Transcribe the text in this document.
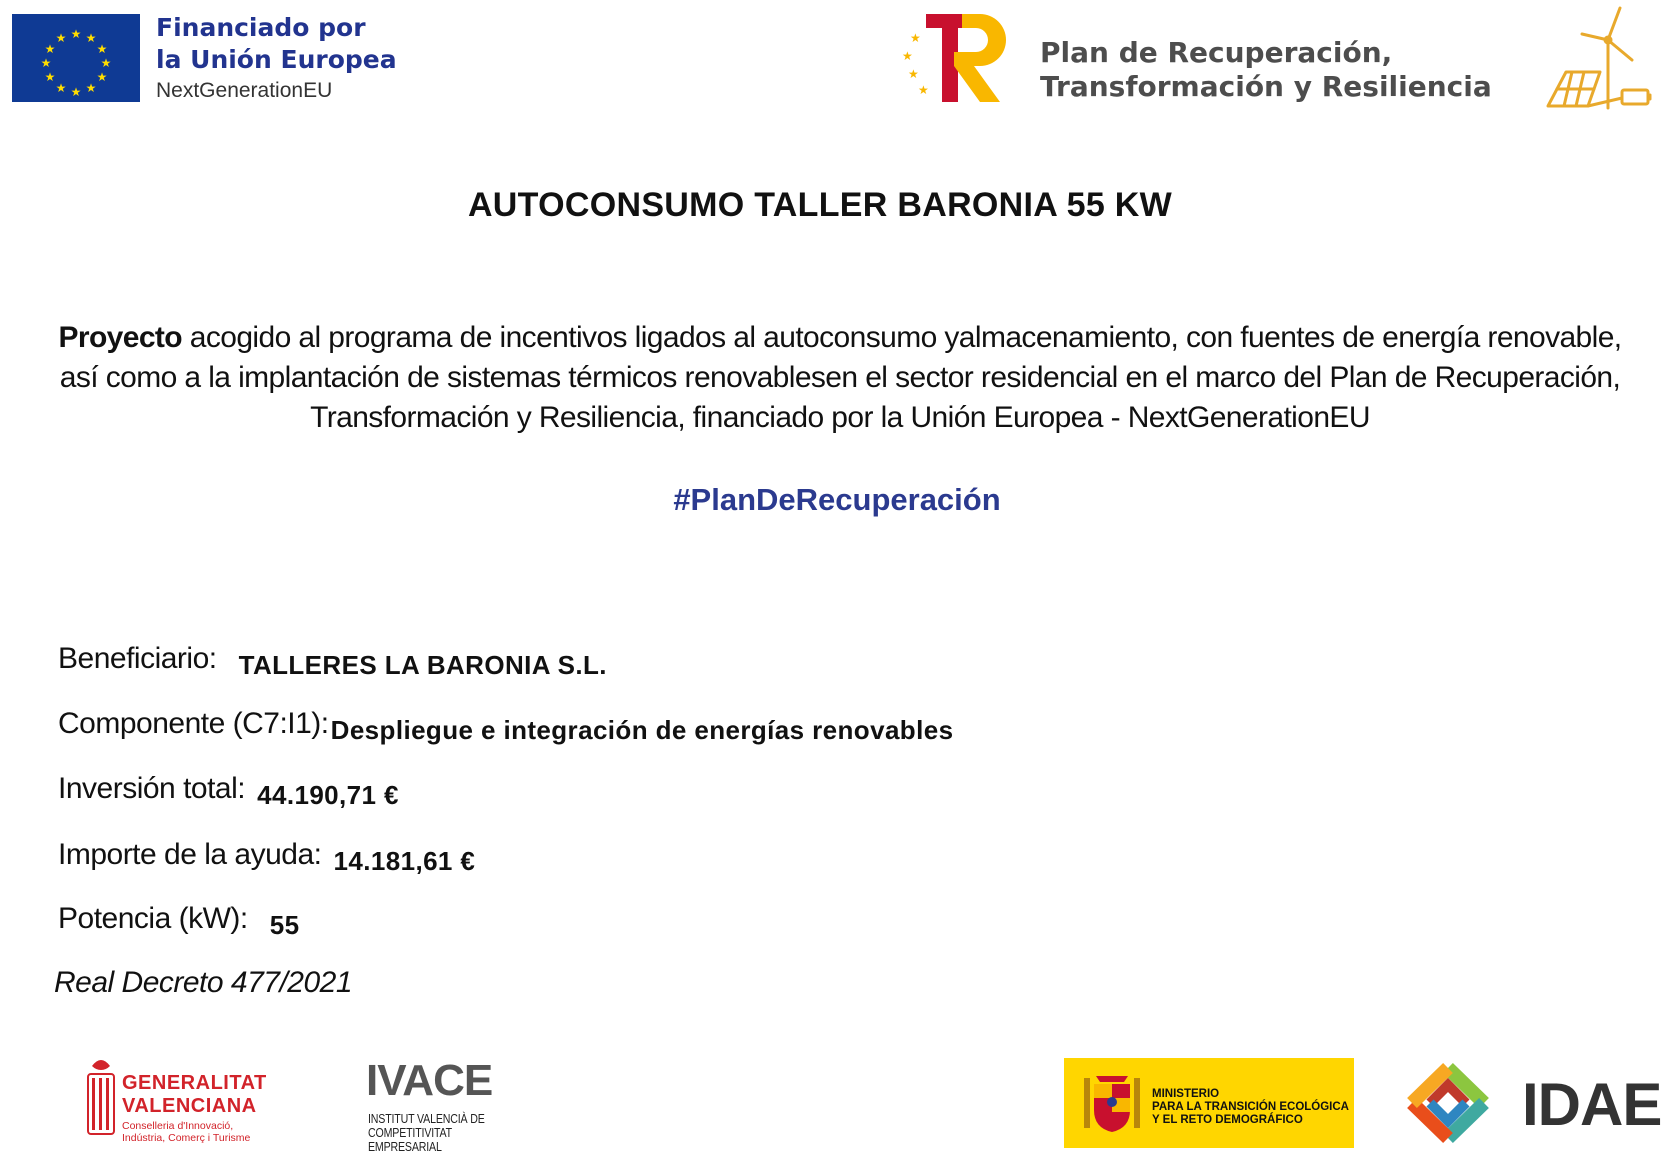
★ ★
★
★
★
★
★
★
★
★
★
★	Financiado por
la Unión Europea
NextGenerationEU
★
★
★
★
Plan de Recuperación,
Transformación y Resiliencia
AUTOCONSUMO TALLER BARONIA 55 KW
Proyecto acogido al programa de incentivos ligados al autoconsumo yalmacenamiento, con fuentes de energía renovable, así como a la implantación de sistemas térmicos renovablesen el sector residencial en el marco del Plan de Recuperación, Transformación y Resiliencia, financiado por la Unión Europea - NextGenerationEU
#PlanDeRecuperación
Beneficiario: TALLERES LA BARONIA S.L.
Componente (C7:I1):Despliegue e integración de energías renovables
Inversión total: 44.190,71 €
Importe de la ayuda: 14.181,61 €
Potencia (kW): 55
Real Decreto 477/2021
GENERALITAT
VALENCIANA
Conselleria d'Innovació,
Indústria, Comerç i Turisme
IVACE
INSTITUT VALENCIÀ DE
COMPETITIVITAT EMPRESARIAL
MINISTERIO
PARA LA TRANSICIÓN ECOLÓGICA
Y EL RETO DEMOGRÁFICO	IDAE
